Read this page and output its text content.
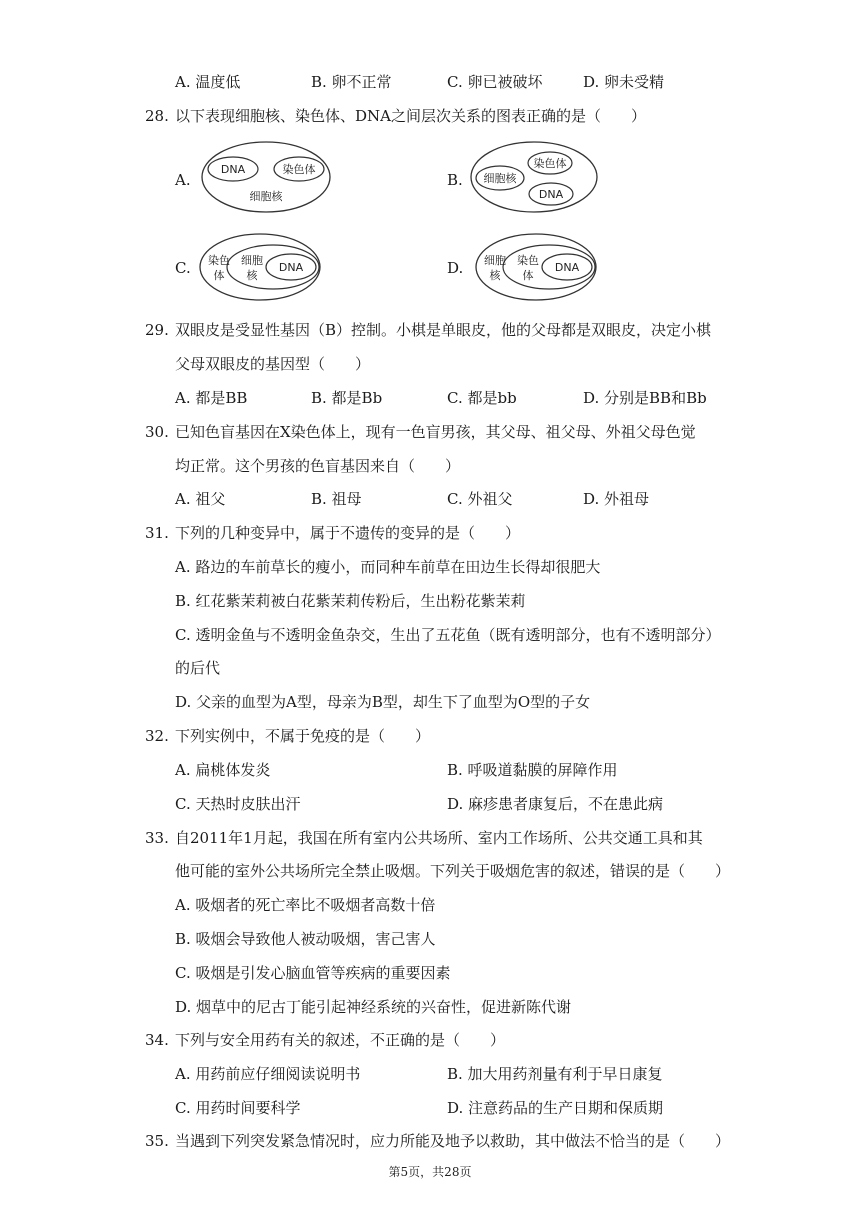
A. 温度低	B. 卵不正常	C. 卵已被破坏	D. 卵未受精
28. 以下表现细胞核、染色体、DNA之间层次关系的图表正确的是（　　）
A.
DNA	染色体
细胞核
B. 细胞核
染色体
DNA
C. 染色
体
细胞
核
DNA	D. 细胞
核
染色
体
DNA
29. 双眼皮是受显性基因（B）控制。小棋是单眼皮，他的父母都是双眼皮，决定小棋
父母双眼皮的基因型（　　）
A. 都是BB	B. 都是Bb	C. 都是bb	D. 分别是BB和Bb
30. 已知色盲基因在X染色体上，现有一色盲男孩，其父母、祖父母、外祖父母色觉
均正常。这个男孩的色盲基因来自（　　）
A. 祖父	B. 祖母	C. 外祖父	D. 外祖母
31. 下列的几种变异中，属于不遗传的变异的是（　　）
A. 路边的车前草长的瘦小，而同种车前草在田边生长得却很肥大
B. 红花紫茉莉被白花紫茉莉传粉后，生出粉花紫茉莉
C. 透明金鱼与不透明金鱼杂交，生出了五花鱼（既有透明部分，也有不透明部分）
的后代
D. 父亲的血型为A型，母亲为B型，却生下了血型为O型的子女
32. 下列实例中，不属于免疫的是（　　）
A. 扁桃体发炎	B. 呼吸道黏膜的屏障作用
C. 天热时皮肤出汗	D. 麻疹患者康复后，不在患此病
33. 自2011年1月起，我国在所有室内公共场所、室内工作场所、公共交通工具和其
他可能的室外公共场所完全禁止吸烟。下列关于吸烟危害的叙述，错误的是（　　）
A. 吸烟者的死亡率比不吸烟者高数十倍
B. 吸烟会导致他人被动吸烟，害己害人
C. 吸烟是引发心脑血管等疾病的重要因素
D. 烟草中的尼古丁能引起神经系统的兴奋性，促进新陈代谢
34. 下列与安全用药有关的叙述，不正确的是（　　）
A. 用药前应仔细阅读说明书	B. 加大用药剂量有利于早日康复
C. 用药时间要科学	D. 注意药品的生产日期和保质期
35. 当遇到下列突发紧急情况时，应力所能及地予以救助，其中做法不恰当的是（　　）
第5页，共28页
